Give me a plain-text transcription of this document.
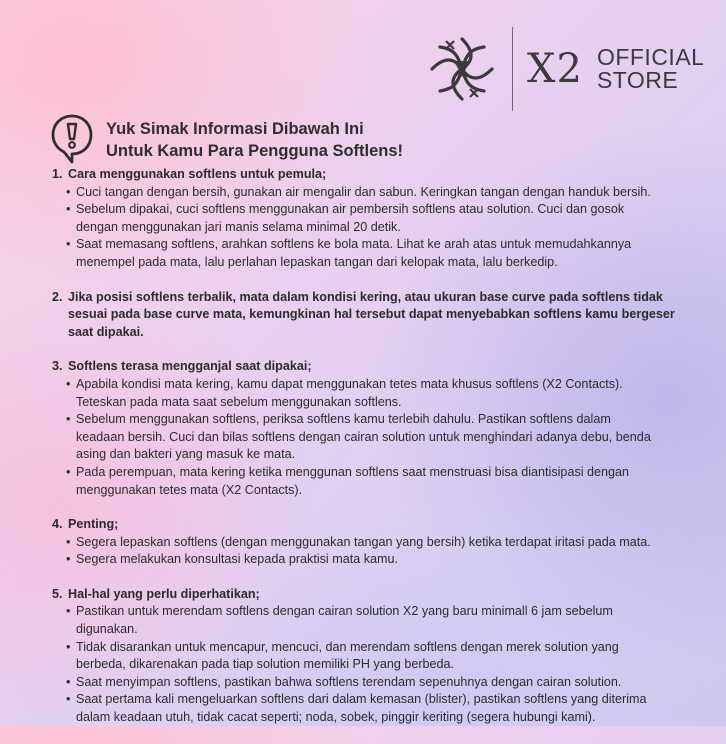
X2 OFFICIAL
STORE
Yuk Simak Informasi Dibawah Ini
Untuk Kamu Para Pengguna Softlens!
1. Cara menggunakan softlens untuk pemula;
• Cuci tangan dengan bersih, gunakan air mengalir dan sabun. Keringkan tangan dengan handuk bersih.
• Sebelum dipakai, cuci softlens menggunakan air pembersih softlens atau solution. Cuci dan gosok
dengan menggunakan jari manis selama minimal 20 detik.
• Saat memasang softlens, arahkan softlens ke bola mata. Lihat ke arah atas untuk memudahkannya
menempel pada mata, lalu perlahan lepaskan tangan dari kelopak mata, lalu berkedip.
2. Jika posisi softlens terbalik, mata dalam kondisi kering, atau ukuran base curve pada softlens tidak
sesuai pada base curve mata, kemungkinan hal tersebut dapat menyebabkan softlens kamu bergeser
saat dipakai.
3. Softlens terasa mengganjal saat dipakai;
• Apabila kondisi mata kering, kamu dapat menggunakan tetes mata khusus softlens (X2 Contacts).
Teteskan pada mata saat sebelum menggunakan softlens.
• Sebelum menggunakan softlens, periksa softlens kamu terlebih dahulu. Pastikan softlens dalam
keadaan bersih. Cuci dan bilas softlens dengan cairan solution untuk menghindari adanya debu, benda
asing dan bakteri yang masuk ke mata.
• Pada perempuan, mata kering ketika menggunan softlens saat menstruasi bisa diantisipasi dengan
menggunakan tetes mata (X2 Contacts).
4. Penting;
• Segera lepaskan softlens (dengan menggunakan tangan yang bersih) ketika terdapat iritasi pada mata.
• Segera melakukan konsultasi kepada praktisi mata kamu.
5. Hal-hal yang perlu diperhatikan;
• Pastikan untuk merendam softlens dengan cairan solution X2 yang baru minimall 6 jam sebelum
digunakan.
• Tidak disarankan untuk mencapur, mencuci, dan merendam softlens dengan merek solution yang
berbeda, dikarenakan pada tiap solution memiliki PH yang berbeda.
• Saat menyimpan softlens, pastikan bahwa softlens terendam sepenuhnya dengan cairan solution.
• Saat pertama kali mengeluarkan softlens dari dalam kemasan (blister), pastikan softlens yang diterima
dalam keadaan utuh, tidak cacat seperti; noda, sobek, pinggir keriting (segera hubungi kami).
